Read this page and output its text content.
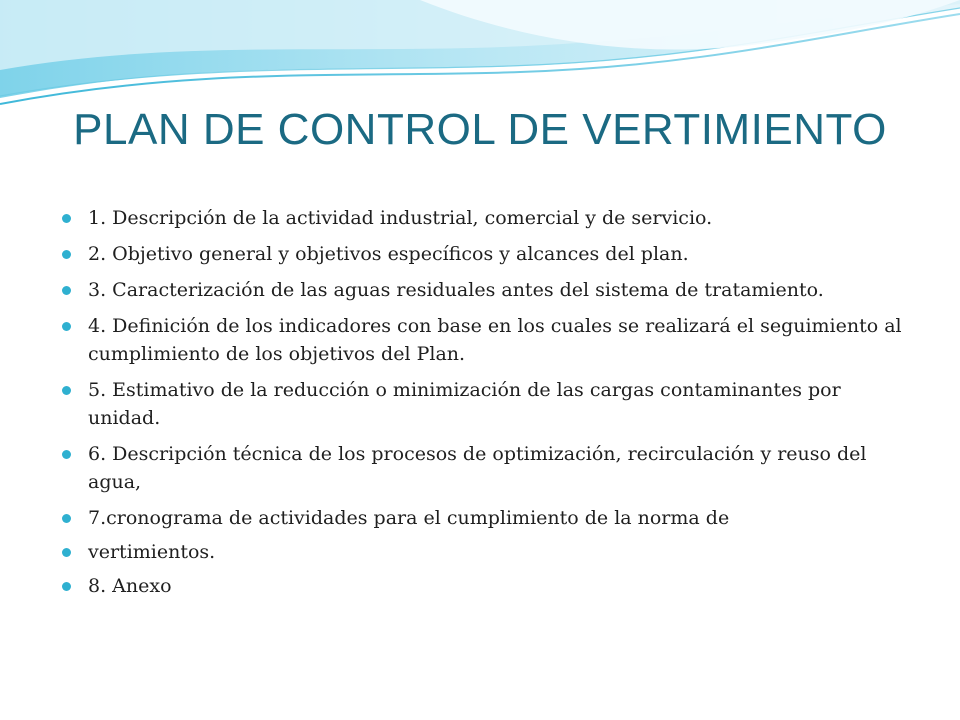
PLAN DE CONTROL DE VERTIMIENTO
1. Descripción de la actividad industrial, comercial y de servicio.
2. Objetivo general y objetivos específicos y alcances del plan.
3. Caracterización de las aguas residuales antes del sistema de tratamiento.
4. Definición de los indicadores con base en los cuales se realizará el seguimiento al cumplimiento de los objetivos del Plan.
5. Estimativo de la reducción o minimización de las cargas contaminantes por unidad.
6. Descripción técnica de los procesos de optimización, recirculación y reuso del agua,
7.cronograma de actividades para el cumplimiento de la norma de
vertimientos.
8. Anexo
